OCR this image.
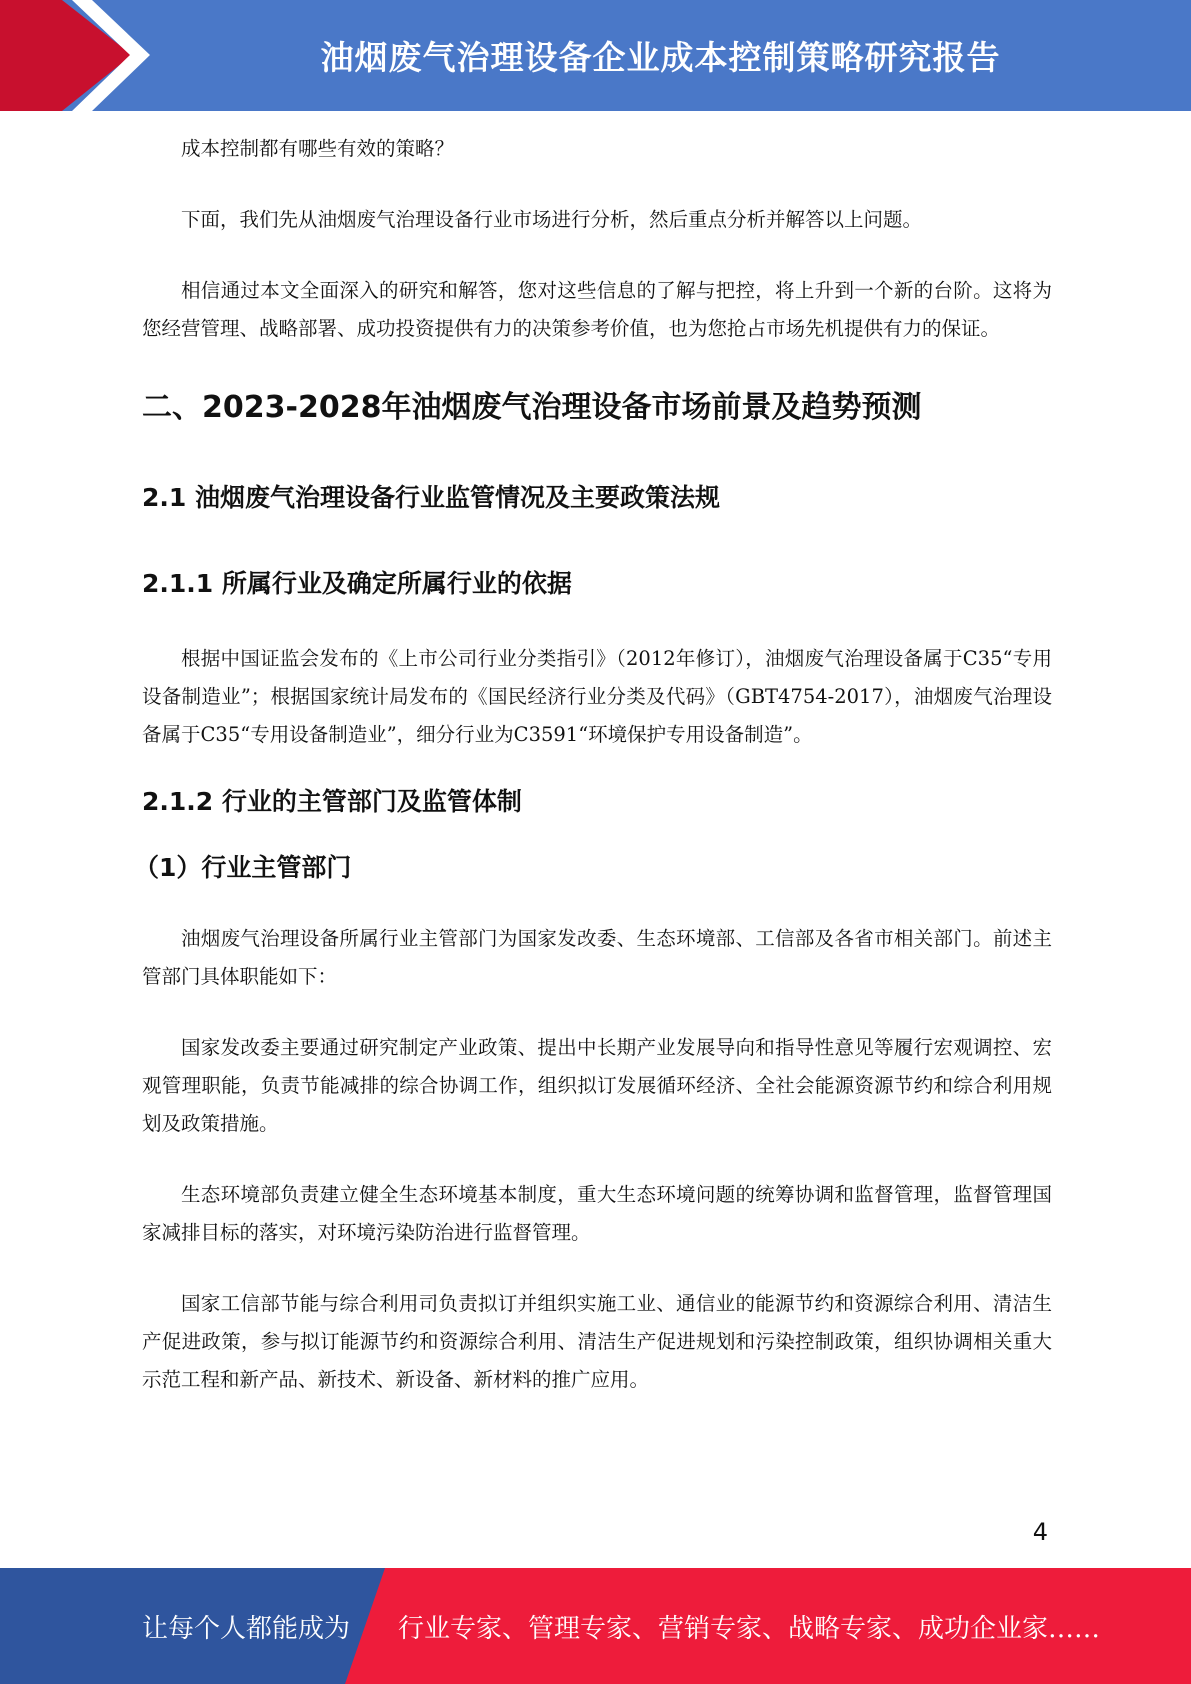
油烟废气治理设备企业成本控制策略研究报告

成本控制都有哪些有效的策略？

下面，我们先从油烟废气治理设备行业市场进行分析，然后重点分析并解答以上问题。

相信通过本文全面深入的研究和解答，您对这些信息的了解与把控，将上升到一个新的台阶。这将为您经营管理、战略部署、成功投资提供有力的决策参考价值，也为您抢占市场先机提供有力的保证。

二、2023-2028年油烟废气治理设备市场前景及趋势预测
2.1 油烟废气治理设备行业监管情况及主要政策法规
2.1.1 所属行业及确定所属行业的依据

根据中国证监会发布的《上市公司行业分类指引》（2012年修订），油烟废气治理设备属于C35“专用设备制造业”；根据国家统计局发布的《国民经济行业分类及代码》（GBT4754-2017），油烟废气治理设备属于C35“专用设备制造业”，细分行业为C3591“环境保护专用设备制造”。

2.1.2 行业的主管部门及监管体制
（1）行业主管部门

油烟废气治理设备所属行业主管部门为国家发改委、生态环境部、工信部及各省市相关部门。前述主管部门具体职能如下：

国家发改委主要通过研究制定产业政策、提出中长期产业发展导向和指导性意见等履行宏观调控、宏观管理职能，负责节能减排的综合协调工作，组织拟订发展循环经济、全社会能源资源节约和综合利用规划及政策措施。

生态环境部负责建立健全生态环境基本制度，重大生态环境问题的统筹协调和监督管理，监督管理国家减排目标的落实，对环境污染防治进行监督管理。

国家工信部节能与综合利用司负责拟订并组织实施工业、通信业的能源节约和资源综合利用、清洁生产促进政策，参与拟订能源节约和资源综合利用、清洁生产促进规划和污染控制政策，组织协调相关重大示范工程和新产品、新技术、新设备、新材料的推广应用。

4
让每个人都能成为 行业专家、管理专家、营销专家、战略专家、成功企业家……
